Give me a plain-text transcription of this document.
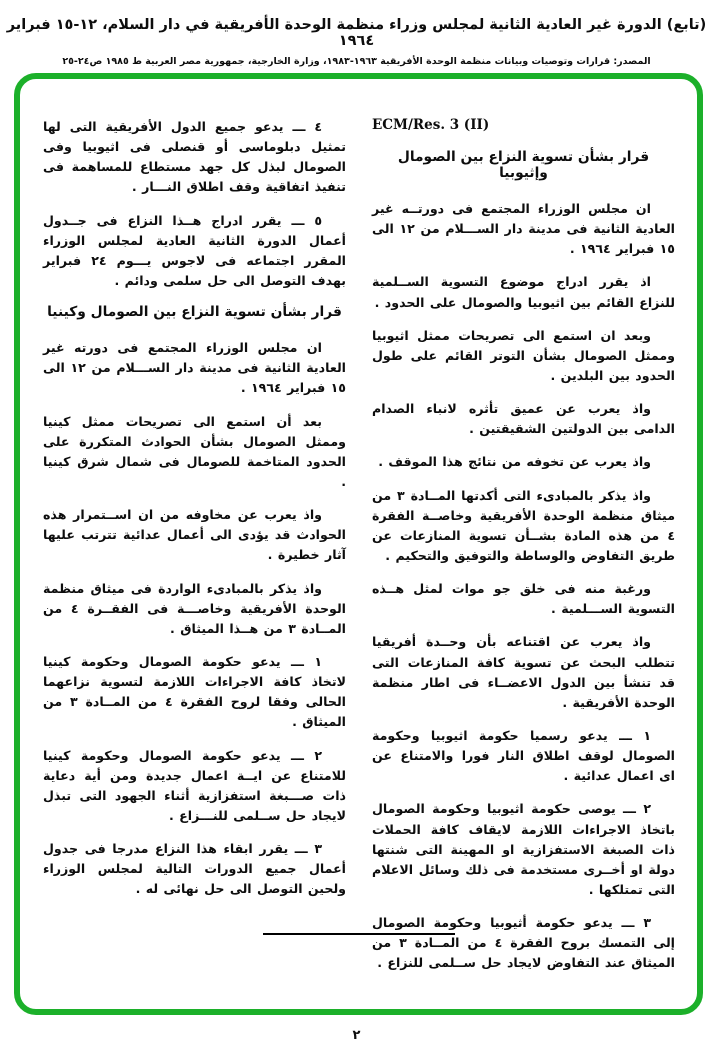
(تابع) الدورة غير العادية الثانية لمجلس وزراء منظمة الوحدة الأفريقية في دار السلام، ١٢-١٥ فبراير ١٩٦٤
المصدر: قرارات وتوصيات وبيانات منظمة الوحدة الأفريقية ١٩٦٣-١٩٨٣، وزارة الخارجية، جمهورية مصر العربية ط ١٩٨٥ ص٢٤-٢٥
ECM/Res. 3 (II)
قرار بشأن تسوية النزاع بين الصومال وإثيوبيا

ان مجلس الوزراء المجتمع فى دورتــه غير العادية الثانية فى مدينة دار الســـلام من ١٢ الى ١٥ فبراير ١٩٦٤ .

اذ يقرر ادراج موضوع التسوية الســلمية للنزاع القائم بين اثيوبيا والصومال على الحدود .

وبعد ان استمع الى تصريحات ممثل اثيوبيا وممثل الصومال بشأن التوتر القائم على طول الحدود بين البلدين .

واذ يعرب عن عميق تأثره لانباء الصدام الدامى بين الدولتين الشقيقتين .

واذ يعرب عن تخوفه من نتائج هذا الموقف .

واذ يذكر بالمبادىء التى أكدتها المــادة ٣ من ميثاق منظمة الوحدة الأفريقية وخاصــة الفقرة ٤ من هذه المادة بشــأن تسوية المنازعات عن طريق التفاوض والوساطة والتوفيق والتحكيم .

ورغبة منه فى خلق جو موات لمثل هــذه التسوية الســـلمية .

واذ يعرب عن اقتناعه بأن وحــدة أفريقيا تتطلب البحث عن تسوية كافة المنازعات التى قد تنشأ بين الدول الاعضــاء فى اطار منظمة الوحدة الأفريقية .

١ ـــ يدعو رسميا حكومة اثيوبيا وحكومة الصومال لوقف اطلاق النار فورا والامتناع عن اى اعمال عدائية .

٢ ـــ يوصى حكومة اثيوبيا وحكومة الصومال باتخاذ الاجراءات اللازمة لايقاف كافة الحملات ذات الصبغة الاستفزازية او المهينة التى شنتها دولة او أخــرى مستخدمة فى ذلك وسائل الاعلام التى تمتلكها .

٣ ـــ يدعو حكومة أثيوبيا وحكومة الصومال إلى التمسك بروح الفقرة ٤ من المــادة ٣ من الميثاق عند التفاوض لايجاد حل ســلمى للنزاع .

٤ ـــ يدعو جميع الدول الأفريقية التى لها تمثيل دبلوماسى أو قنصلى فى اثيوبيا وفى الصومال لبذل كل جهد مستطاع للمساهمة فى تنفيذ اتفاقية وقف اطلاق النـــار .

٥ ـــ يقرر ادراج هــذا النزاع فى جــدول أعمال الدورة الثانية العادية لمجلس الوزراء المقرر اجتماعه فى لاجوس يـــوم ٢٤ فبراير بهدف التوصل الى حل سلمى ودائم .

قرار بشأن تسوية النزاع بين الصومال وكينيا

ان مجلس الوزراء المجتمع فى دورته غير العادية الثانية فى مدينة دار الســـلام من ١٢ الى ١٥ فبراير ١٩٦٤ .

بعد أن استمع الى تصريحات ممثل كينيا وممثل الصومال بشأن الحوادث المتكررة على الحدود المتاخمة للصومال فى شمال شرق كينيا .

واذ يعرب عن مخاوفه من ان اســتمرار هذه الحوادث قد يؤدى الى أعمال عدائية تترتب عليها آثار خطيرة .

واذ يذكر بالمبادىء الواردة فى ميثاق منظمة الوحدة الأفريقية وخاصـــة فى الفقــرة ٤ من المــادة ٣ من هــذا الميثاق .

١ ـــ يدعو حكومة الصومال وحكومة كينيا لاتخاذ كافة الاجراءات اللازمة لتسوية نزاعهما الحالى وفقا لروح الفقرة ٤ من المــادة ٣ من الميثاق .

٢ ـــ يدعو حكومة الصومال وحكومة كينيا للامتناع عن ايــة اعمال جديدة ومن أية دعاية ذات صـــبغة استفزازية أثناء الجهود التى تبذل لايجاد حل ســلمى للنـــزاع .

٣ ـــ يقرر ابقاء هذا النزاع مدرجا فى جدول أعمال جميع الدورات التالية لمجلس الوزراء ولحين التوصل الى حل نهائى له .

٢
